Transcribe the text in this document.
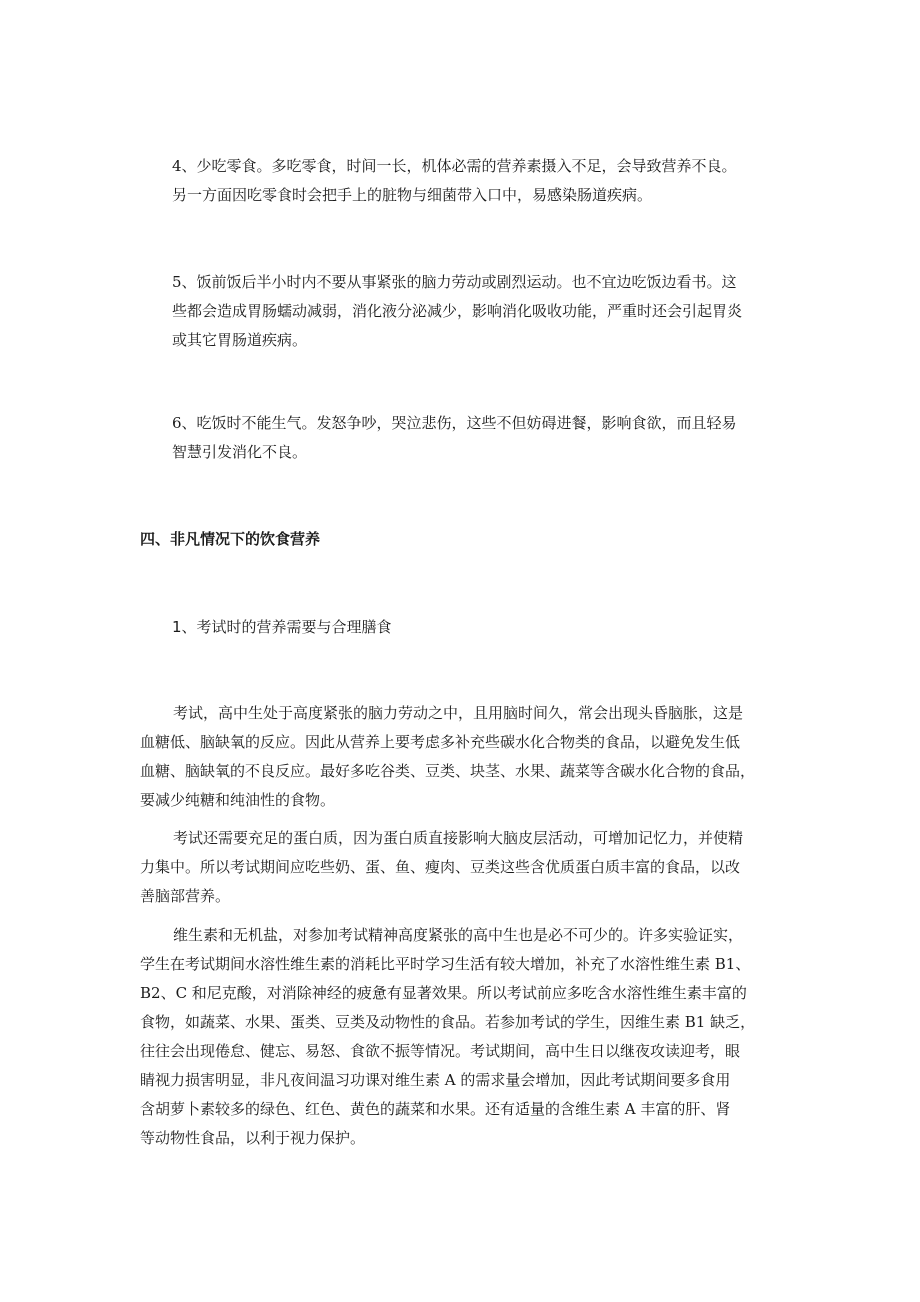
4、少吃零食。多吃零食，时间一长，机体必需的营养素摄入不足，会导致营养不良。
另一方面因吃零食时会把手上的脏物与细菌带入口中，易感染肠道疾病。
5、饭前饭后半小时内不要从事紧张的脑力劳动或剧烈运动。也不宜边吃饭边看书。这
些都会造成胃肠蠕动减弱，消化液分泌减少，影响消化吸收功能，严重时还会引起胃炎
或其它胃肠道疾病。
6、吃饭时不能生气。发怒争吵，哭泣悲伤，这些不但妨碍进餐，影响食欲，而且轻易
智慧引发消化不良。
四、非凡情况下的饮食营养
1、考试时的营养需要与合理膳食
考试，高中生处于高度紧张的脑力劳动之中，且用脑时间久，常会出现头昏脑胀，这是
血糖低、脑缺氧的反应。因此从营养上要考虑多补充些碳水化合物类的食品，以避免发生低
血糖、脑缺氧的不良反应。最好多吃谷类、豆类、块茎、水果、蔬菜等含碳水化合物的食品，
要减少纯糖和纯油性的食物。
考试还需要充足的蛋白质，因为蛋白质直接影响大脑皮层活动，可增加记忆力，并使精
力集中。所以考试期间应吃些奶、蛋、鱼、瘦肉、豆类这些含优质蛋白质丰富的食品，以改
善脑部营养。
维生素和无机盐，对参加考试精神高度紧张的高中生也是必不可少的。许多实验证实，
学生在考试期间水溶性维生素的消耗比平时学习生活有较大增加，补充了水溶性维生素 B1、
B2、C 和尼克酸，对消除神经的疲惫有显著效果。所以考试前应多吃含水溶性维生素丰富的
食物，如蔬菜、水果、蛋类、豆类及动物性的食品。若参加考试的学生，因维生素 B1 缺乏，
往往会出现倦怠、健忘、易怒、食欲不振等情况。考试期间，高中生日以继夜攻读迎考，眼
睛视力损害明显，非凡夜间温习功课对维生素 A 的需求量会增加，因此考试期间要多食用
含胡萝卜素较多的绿色、红色、黄色的蔬菜和水果。还有适量的含维生素 A 丰富的肝、肾
等动物性食品，以利于视力保护。
